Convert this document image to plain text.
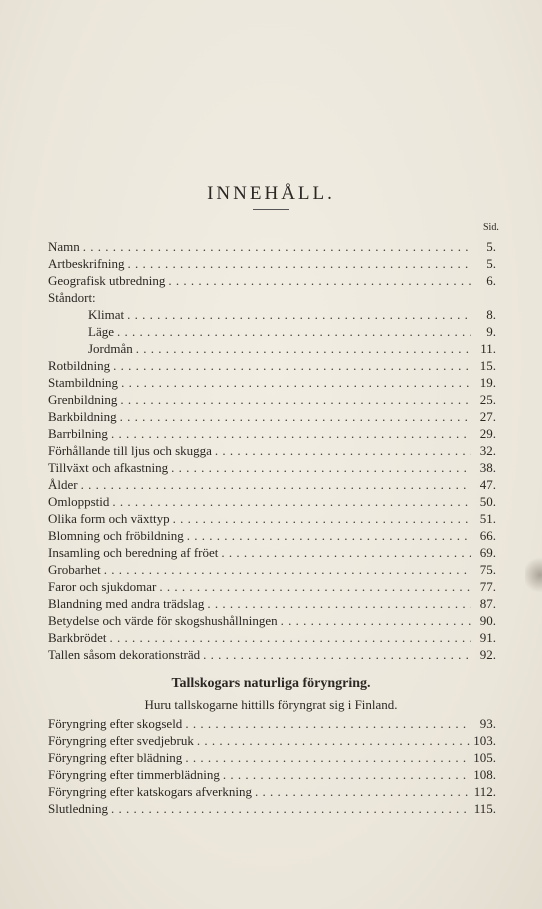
INNEHÅLL.
Sid.
Namn . . .	5.
Artbeskrifning . . .	5.
Geografisk utbredning . . .	6.
Ståndort:
Klimat . . .	8.
Läge . . .	9.
Jordmån . . .	11.
Rotbildning . . .	15.
Stambildning . . .	19.
Grenbildning . . .	25.
Barkbildning . . .	27.
Barrbilning . . .	29.
Förhållande till ljus och skugga . . .	32.
Tillväxt och afkastning . . .	38.
Ålder . . .	47.
Omloppstid . . .	50.
Olika form och växttyp . . .	51.
Blomning och fröbildning . . .	66.
Insamling och beredning af fröet . . .	69.
Grobarhet . . .	75.
Faror och sjukdomar . . .	77.
Blandning med andra trädslag . . .	87.
Betydelse och värde för skogshushållningen . . .	90.
Barkbrödet . . .	91.
Tallen såsom dekorationsträd . . .	92.
Tallskogars naturliga föryngring.
Huru tallskogarne hittills föryngrat sig i Finland.
Föryngring efter skogseld . . .	93.
Föryngring efter svedjebruk . . .	103.
Föryngring efter blädning . . .	105.
Föryngring efter timmerblädning . . .	108.
Föryngring efter katskogars afverkning . . .	112.
Slutledning . . .	115.
